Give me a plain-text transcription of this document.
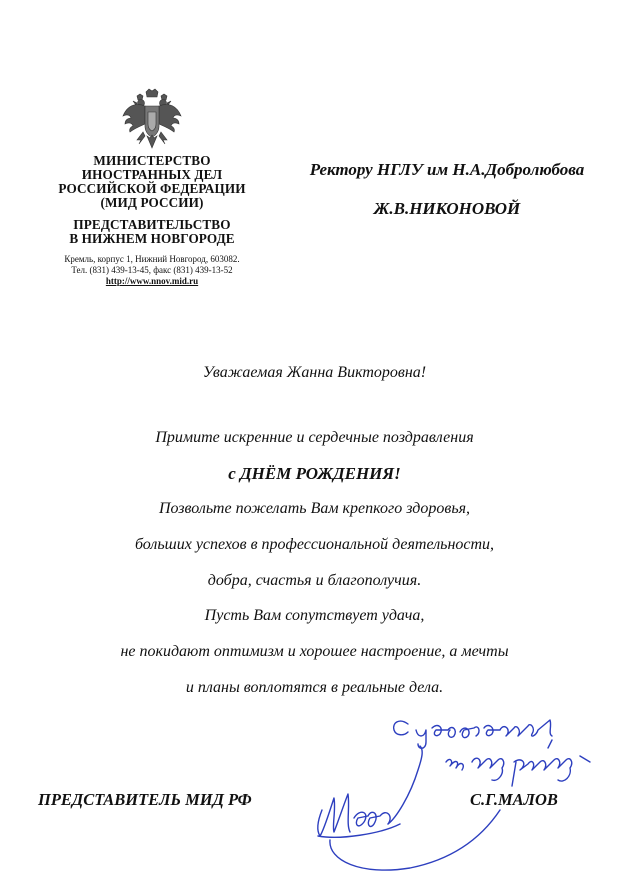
МИНИСТЕРСТВО
ИНОСТРАННЫХ ДЕЛ
РОССИЙСКОЙ ФЕДЕРАЦИИ
(МИД РОССИИ)
ПРЕДСТАВИТЕЛЬСТВО
В НИЖНЕМ НОВГОРОДЕ
Кремль, корпус 1, Нижний Новгород, 603082.
Тел. (831) 439-13-45, факс (831) 439-13-52
http://www.nnov.mid.ru
Ректору НГЛУ им Н.А.Добролюбова
Ж.В.НИКОНОВОЙ
Уважаемая Жанна Викторовна!
Примите искренние и сердечные поздравления
с ДНЁМ РОЖДЕНИЯ!
Позвольте пожелать Вам крепкого здоровья,
больших успехов в профессиональной деятельности,
добра, счастья и благополучия.
Пусть Вам сопутствует удача,
не покидают оптимизм и хорошее настроение, а мечты
и планы воплотятся в реальные дела.
ПРЕДСТАВИТЕЛЬ МИД РФ	С.Г.МАЛОВ
